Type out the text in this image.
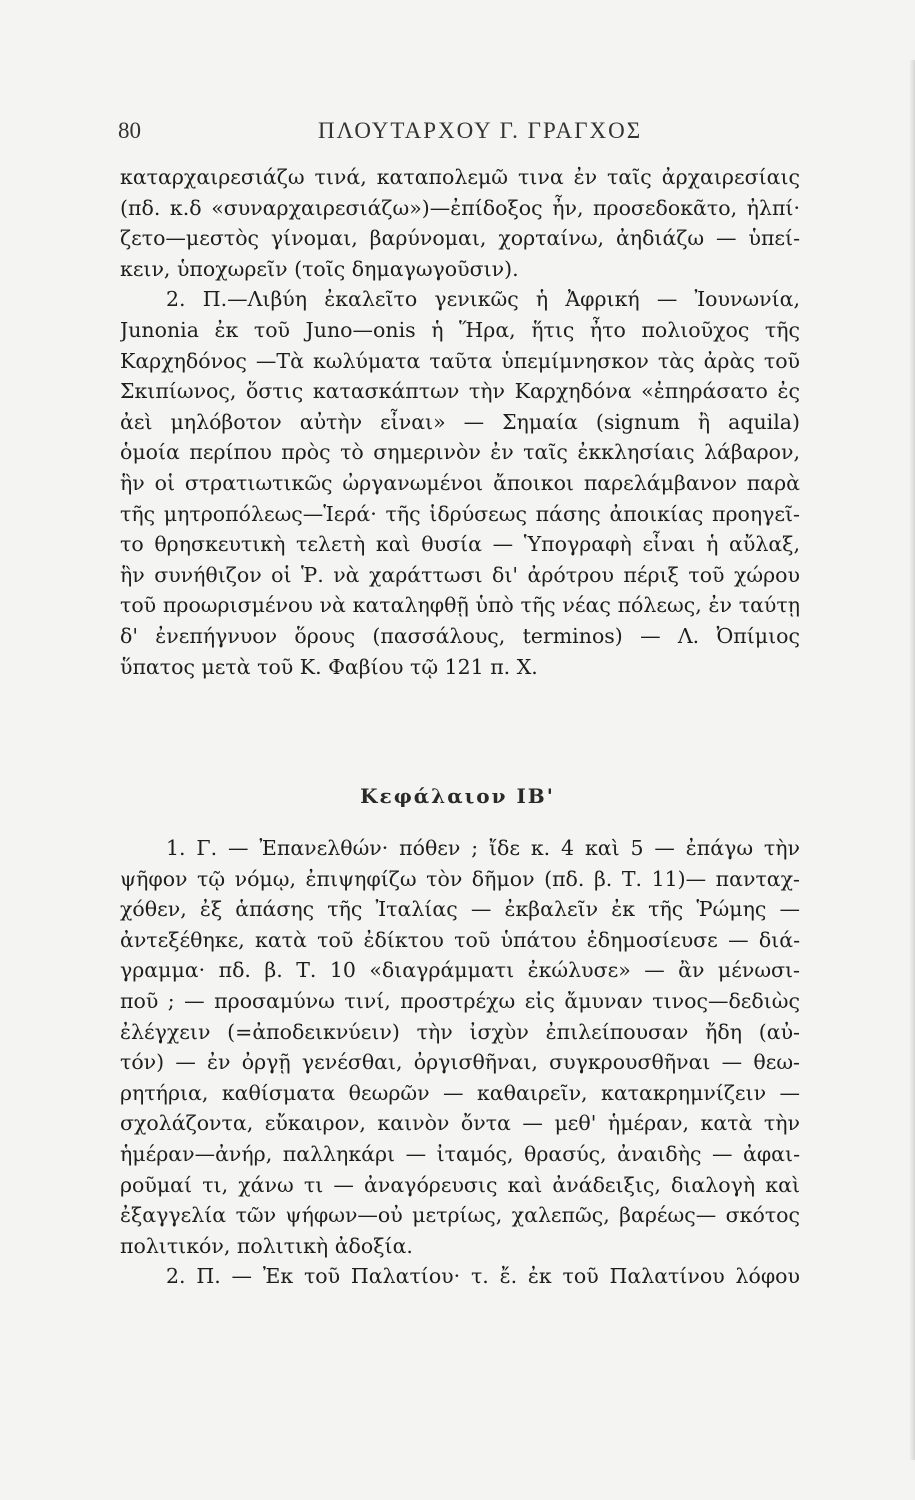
80	ΠΛΟΥΤΑΡΧΟΥ Γ. ΓΡΑΓΧΟΣ
καταρχαιρεσιάζω τινά, καταπολεμῶ τινα ἐν ταῖς ἀρχαιρεσίαις
(πδ. κ.δ «συναρχαιρεσιάζω»)—ἐπίδοξος ἦν, προσεδοκᾶτο, ἠλπί·
ζετο—μεστὸς γίνομαι, βαρύνομαι, χορταίνω, ἀηδιάζω — ὑπεί-
κειν, ὑποχωρεῖν (τοῖς δημαγωγοῦσιν).
2. Π.—Λιβύη ἐκαλεῖτο γενικῶς ἡ Ἀφρική — Ἰουνωνία,
Junonia ἐκ τοῦ Juno—onis ἡ Ἥρα, ἥτις ἦτο πολιοῦχος τῆς
Καρχηδόνος —Τὰ κωλύματα ταῦτα ὑπεμίμνησκον τὰς ἀρὰς τοῦ
Σκιπίωνος, ὅστις κατασκάπτων τὴν Καρχηδόνα «ἐπηράσατο ἐς
ἀεὶ μηλόβοτον αὐτὴν εἶναι» — Σημαία (signum ἢ aquila)
ὁμοία περίπου πρὸς τὸ σημερινὸν ἐν ταῖς ἐκκλησίαις λάβαρον,
ἣν οἱ στρατιωτικῶς ὠργανωμένοι ἄποικοι παρελάμβανον παρὰ
τῆς μητροπόλεως—Ἱερά· τῆς ἱδρύσεως πάσης ἀποικίας προηγεῖ-
το θρησκευτικὴ τελετὴ καὶ θυσία — Ὑπογραφὴ εἶναι ἡ αὔλαξ,
ἣν συνήθιζον οἱ Ῥ. νὰ χαράττωσι δι' ἀρότρου πέριξ τοῦ χώρου
τοῦ προωρισμένου νὰ καταληφθῇ ὑπὸ τῆς νέας πόλεως, ἐν ταύτῃ
δ' ἐνεπήγνυον ὅρους (πασσάλους, terminos) — Λ. Ὀπίμιος
ὕπατος μετὰ τοῦ Κ. Φαβίου τῷ 121 π. Χ.
Κεφάλαιον ΙΒ'
1. Γ. — Ἐπανελθών· πόθεν ; ἴδε κ. 4 καὶ 5 — ἐπάγω τὴν
ψῆφον τῷ νόμῳ, ἐπιψηφίζω τὸν δῆμον (πδ. β. Τ. 11)— πανταχ-
χόθεν, ἐξ ἁπάσης τῆς Ἰταλίας — ἐκβαλεῖν ἐκ τῆς Ῥώμης —
ἀντεξέθηκε, κατὰ τοῦ ἐδίκτου τοῦ ὑπάτου ἐδημοσίευσε — διά-
γραμμα· πδ. β. Τ. 10 «διαγράμματι ἐκώλυσε» — ἂν μένωσι-
ποῦ ; — προσαμύνω τινί, προστρέχω εἰς ἄμυναν τινος—δεδιὼς
ἐλέγχειν (=ἀποδεικνύειν) τὴν ἰσχὺν ἐπιλείπουσαν ἤδη (αὐ-
τόν) — ἐν ὀργῇ γενέσθαι, ὀργισθῆναι, συγκρουσθῆναι — θεω-
ρητήρια, καθίσματα θεωρῶν — καθαιρεῖν, κατακρημνίζειν —
σχολάζοντα, εὔκαιρον, καινὸν ὄντα — μεθ' ἡμέραν, κατὰ τὴν
ἡμέραν—ἀνήρ, παλληκάρι — ἰταμός, θρασύς, ἀναιδὴς — ἀφαι-
ροῦμαί τι, χάνω τι — ἀναγόρευσις καὶ ἀνάδειξις, διαλογὴ καὶ
ἐξαγγελία τῶν ψήφων—οὐ μετρίως, χαλεπῶς, βαρέως— σκότος
πολιτικόν, πολιτικὴ ἀδοξία.
2. Π. — Ἐκ τοῦ Παλατίου· τ. ἔ. ἐκ τοῦ Παλατίνου λόφου
